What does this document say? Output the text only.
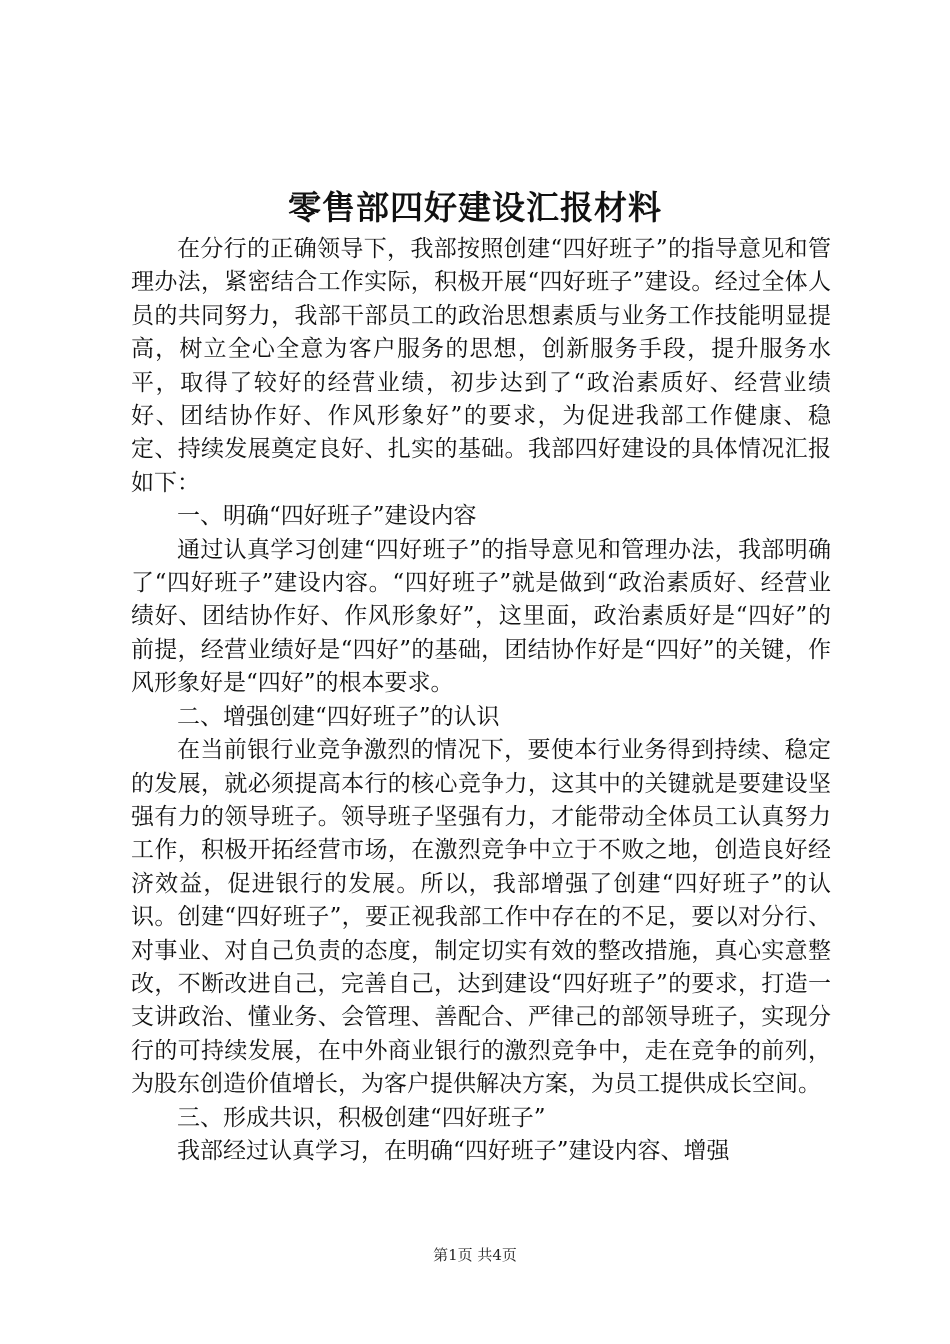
零售部四好建设汇报材料

在分行的正确领导下，我部按照创建“四好班子”的指导意见和管理办法，紧密结合工作实际，积极开展“四好班子”建设。经过全体人员的共同努力，我部干部员工的政治思想素质与业务工作技能明显提高，树立全心全意为客户服务的思想，创新服务手段，提升服务水平，取得了较好的经营业绩，初步达到了“政治素质好、经营业绩好、团结协作好、作风形象好”的要求，为促进我部工作健康、稳定、持续发展奠定良好、扎实的基础。我部四好建设的具体情况汇报如下：

一、明确“四好班子”建设内容

通过认真学习创建“四好班子”的指导意见和管理办法，我部明确了“四好班子”建设内容。“四好班子”就是做到“政治素质好、经营业绩好、团结协作好、作风形象好”，这里面，政治素质好是“四好”的前提，经营业绩好是“四好”的基础，团结协作好是“四好”的关键，作风形象好是“四好”的根本要求。

二、增强创建“四好班子”的认识

在当前银行业竞争激烈的情况下，要使本行业务得到持续、稳定的发展，就必须提高本行的核心竞争力，这其中的关键就是要建设坚强有力的领导班子。领导班子坚强有力，才能带动全体员工认真努力工作，积极开拓经营市场，在激烈竞争中立于不败之地，创造良好经济效益，促进银行的发展。所以，我部增强了创建“四好班子”的认识。创建“四好班子”，要正视我部工作中存在的不足，要以对分行、对事业、对自己负责的态度，制定切实有效的整改措施，真心实意整改，不断改进自己，完善自己，达到建设“四好班子”的要求，打造一支讲政治、懂业务、会管理、善配合、严律己的部领导班子，实现分行的可持续发展，在中外商业银行的激烈竞争中，走在竞争的前列，为股东创造价值增长，为客户提供解决方案，为员工提供成长空间。

三、形成共识，积极创建“四好班子”

我部经过认真学习，在明确“四好班子”建设内容、增强

第1页 共4页
